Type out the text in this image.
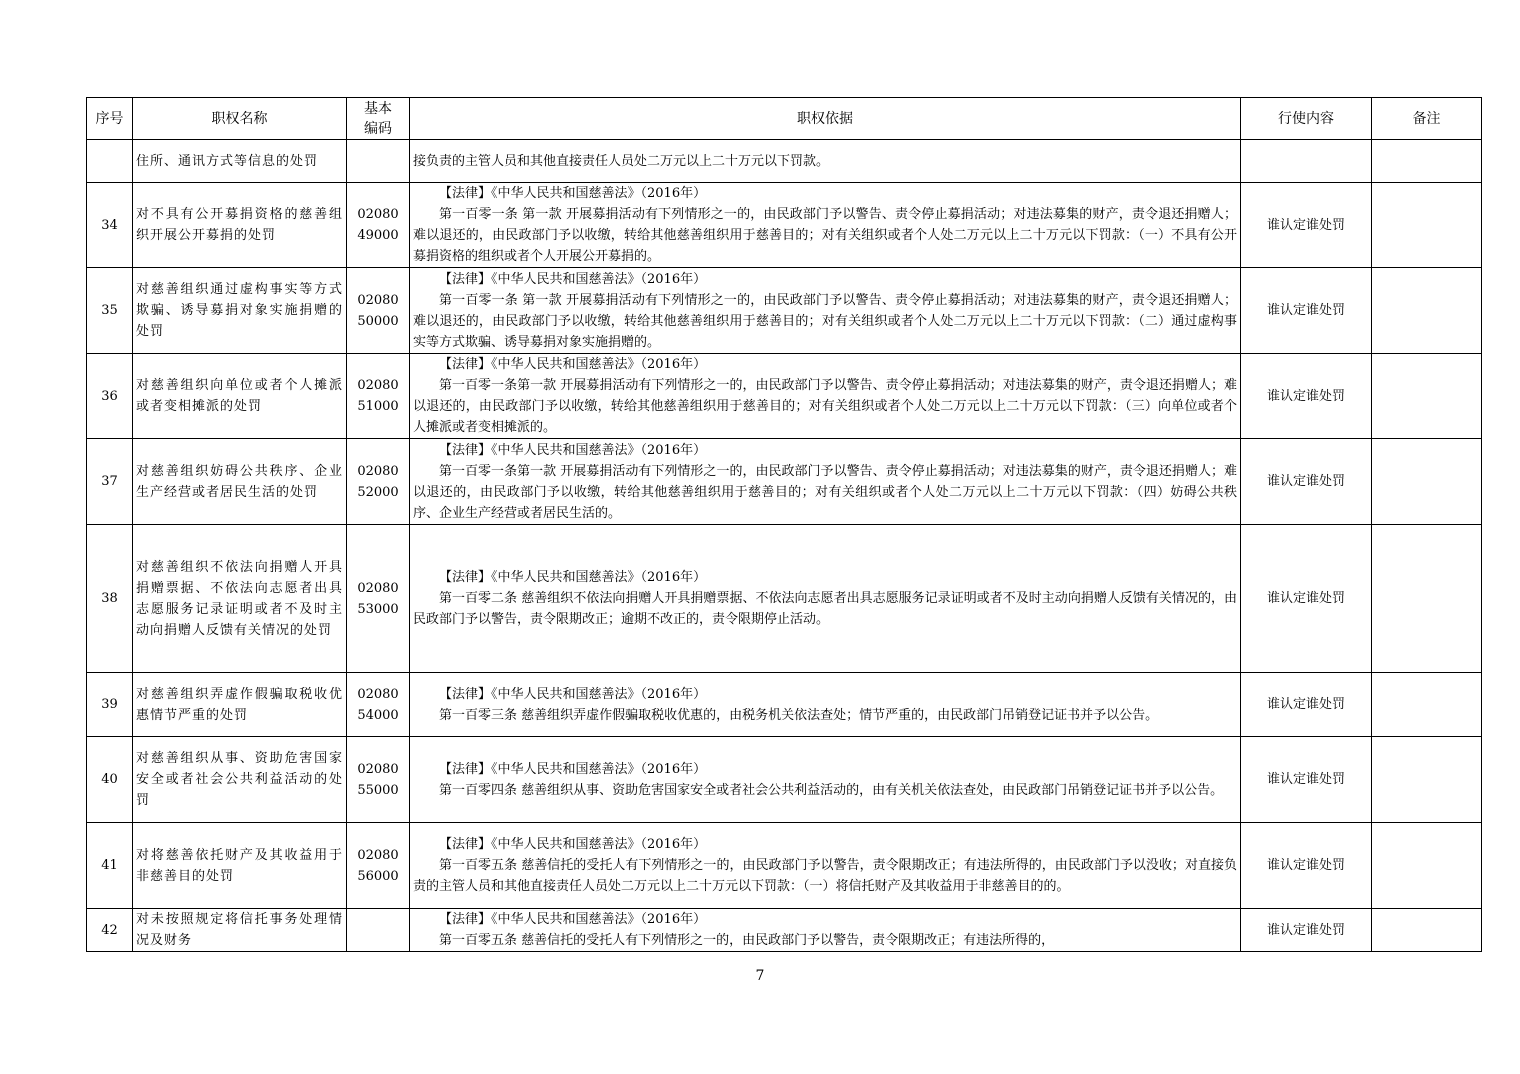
序号	职权名称	基本编码	职权依据	行使内容	备注
	住所、通讯方式等信息的处罚		接负责的主管人员和其他直接责任人员处二万元以上二十万元以下罚款。		

34	对不具有公开募捐资格的慈善组织开展公开募捐的处罚	0208049000	【法律】《中华人民共和国慈善法》（2016年）
第一百零一条 第一款 开展募捐活动有下列情形之一的，由民政部门予以警告、责令停止募捐活动；对违法募集的财产，责令退还捐赠人；难以退还的，由民政部门予以收缴，转给其他慈善组织用于慈善目的；对有关组织或者个人处二万元以上二十万元以下罚款：（一）不具有公开募捐资格的组织或者个人开展公开募捐的。	谁认定谁处罚	
35	对慈善组织通过虚构事实等方式欺骗、诱导募捐对象实施捐赠的处罚	0208050000	【法律】《中华人民共和国慈善法》（2016年）
第一百零一条 第一款 开展募捐活动有下列情形之一的，由民政部门予以警告、责令停止募捐活动；对违法募集的财产，责令退还捐赠人；难以退还的，由民政部门予以收缴，转给其他慈善组织用于慈善目的；对有关组织或者个人处二万元以上二十万元以下罚款：（二）通过虚构事实等方式欺骗、诱导募捐对象实施捐赠的。	谁认定谁处罚	
36	对慈善组织向单位或者个人摊派或者变相摊派的处罚	0208051000	【法律】《中华人民共和国慈善法》（2016年）
第一百零一条第一款 开展募捐活动有下列情形之一的，由民政部门予以警告、责令停止募捐活动；对违法募集的财产，责令退还捐赠人；难以退还的，由民政部门予以收缴，转给其他慈善组织用于慈善目的；对有关组织或者个人处二万元以上二十万元以下罚款：（三）向单位或者个人摊派或者变相摊派的。	谁认定谁处罚	
37	对慈善组织妨碍公共秩序、企业生产经营或者居民生活的处罚	0208052000	【法律】《中华人民共和国慈善法》（2016年）
第一百零一条第一款 开展募捐活动有下列情形之一的，由民政部门予以警告、责令停止募捐活动；对违法募集的财产，责令退还捐赠人；难以退还的，由民政部门予以收缴，转给其他慈善组织用于慈善目的；对有关组织或者个人处二万元以上二十万元以下罚款：（四）妨碍公共秩序、企业生产经营或者居民生活的。	谁认定谁处罚	
38	对慈善组织不依法向捐赠人开具捐赠票据、不依法向志愿者出具志愿服务记录证明或者不及时主动向捐赠人反馈有关情况的处罚	0208053000	【法律】《中华人民共和国慈善法》（2016年）
第一百零二条 慈善组织不依法向捐赠人开具捐赠票据、不依法向志愿者出具志愿服务记录证明或者不及时主动向捐赠人反馈有关情况的，由民政部门予以警告，责令限期改正；逾期不改正的，责令限期停止活动。	谁认定谁处罚	
39	对慈善组织弄虚作假骗取税收优惠情节严重的处罚	0208054000	【法律】《中华人民共和国慈善法》（2016年）
第一百零三条 慈善组织弄虚作假骗取税收优惠的，由税务机关依法查处；情节严重的，由民政部门吊销登记证书并予以公告。	谁认定谁处罚	
40	对慈善组织从事、资助危害国家安全或者社会公共利益活动的处罚	0208055000	【法律】《中华人民共和国慈善法》（2016年）
第一百零四条 慈善组织从事、资助危害国家安全或者社会公共利益活动的，由有关机关依法查处，由民政部门吊销登记证书并予以公告。	谁认定谁处罚	
41	对将慈善依托财产及其收益用于非慈善目的处罚	0208056000	【法律】《中华人民共和国慈善法》（2016年）
第一百零五条 慈善信托的受托人有下列情形之一的，由民政部门予以警告，责令限期改正；有违法所得的，由民政部门予以没收；对直接负责的主管人员和其他直接责任人员处二万元以上二十万元以下罚款：（一）将信托财产及其收益用于非慈善目的的。	谁认定谁处罚	
42	对未按照规定将信托事务处理情况及财务		【法律】《中华人民共和国慈善法》（2016年）
第一百零五条 慈善信托的受托人有下列情形之一的，由民政部门予以警告，责令限期改正；有违法所得的，	谁认定谁处罚	
7
